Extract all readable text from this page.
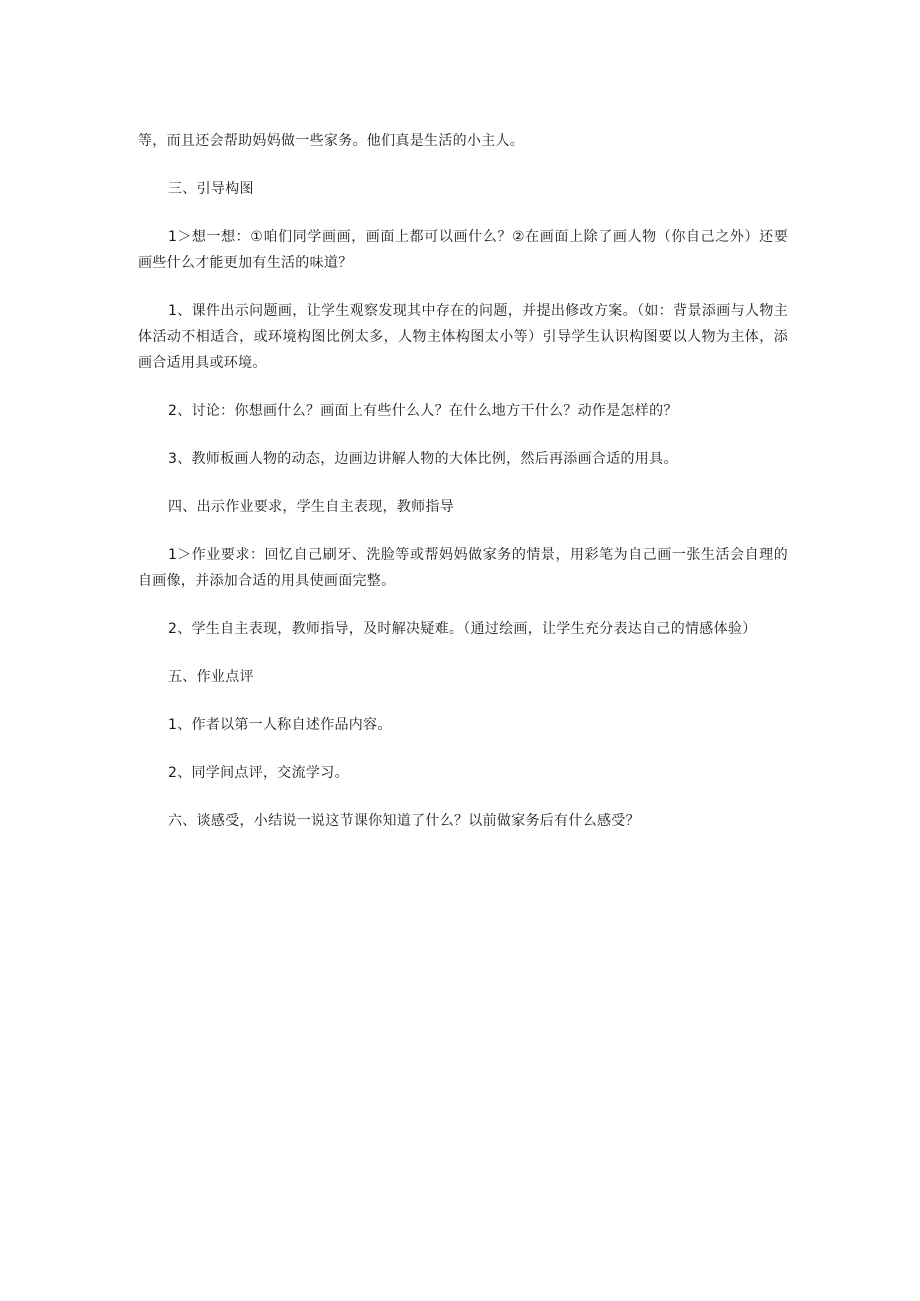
等，而且还会帮助妈妈做一些家务。他们真是生活的小主人。

三、引导构图

1＞想一想：①咱们同学画画，画面上都可以画什么？②在画面上除了画人物（你自己之外）还要画些什么才能更加有生活的味道？

1、课件出示问题画，让学生观察发现其中存在的问题，并提出修改方案。（如：背景添画与人物主体活动不相适合，或环境构图比例太多，人物主体构图太小等）引导学生认识构图要以人物为主体，添画合适用具或环境。

2、讨论：你想画什么？画面上有些什么人？在什么地方干什么？动作是怎样的？

3、教师板画人物的动态，边画边讲解人物的大体比例，然后再添画合适的用具。

四、出示作业要求，学生自主表现，教师指导

1＞作业要求：回忆自己刷牙、洗脸等或帮妈妈做家务的情景，用彩笔为自己画一张生活会自理的自画像，并添加合适的用具使画面完整。

2、学生自主表现，教师指导，及时解决疑难。（通过绘画，让学生充分表达自己的情感体验）

五、作业点评

1、作者以第一人称自述作品内容。

2、同学间点评，交流学习。

六、谈感受，小结说一说这节课你知道了什么？以前做家务后有什么感受？
